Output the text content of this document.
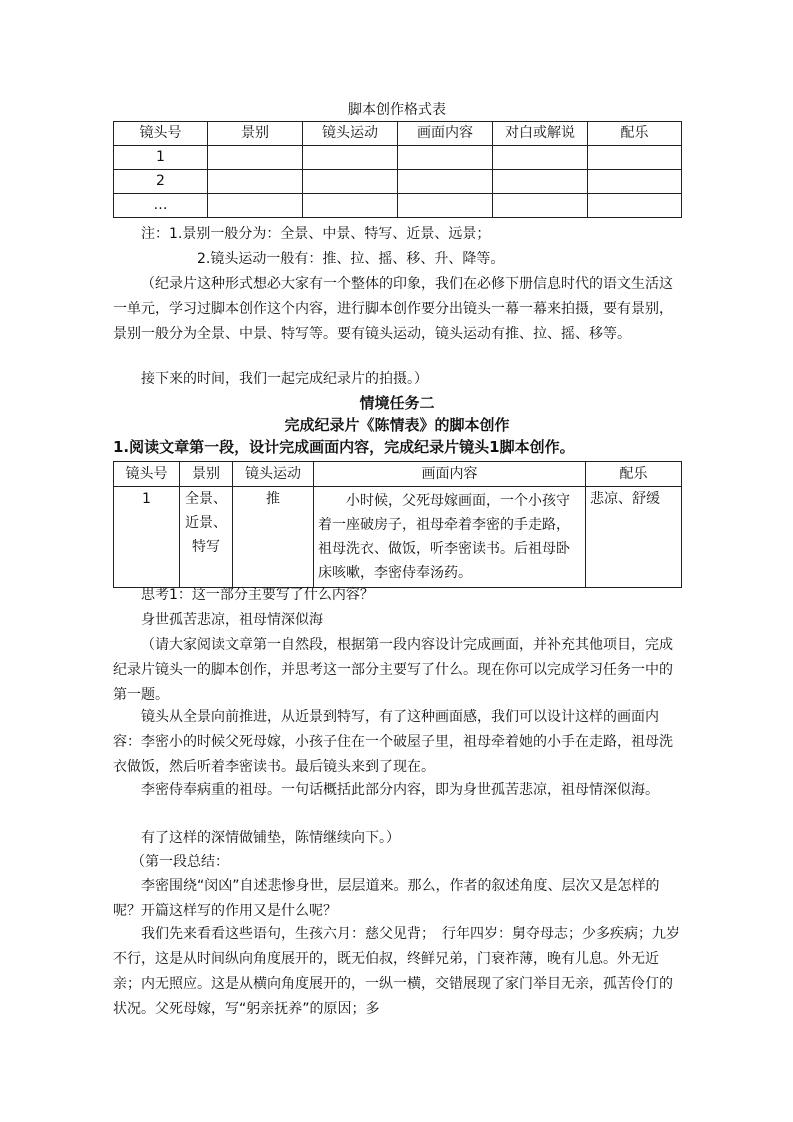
脚本创作格式表
镜头号	景别	镜头运动	画面内容	对白或解说	配乐
1					
2					
…					

注：1.景别一般分为：全景、中景、特写、近景、远景；

2.镜头运动一般有：推、拉、摇、移、升、降等。

（纪录片这种形式想必大家有一个整体的印象，我们在必修下册信息时代的语文生活这一单元，学习过脚本创作这个内容，进行脚本创作要分出镜头一幕一幕来拍摄，要有景别，景别一般分为全景、中景、特写等。要有镜头运动，镜头运动有推、拉、摇、移等。

接下来的时间，我们一起完成纪录片的拍摄。）

情境任务二
完成纪录片《陈情表》的脚本创作
1.阅读文章第一段，设计完成画面内容，完成纪录片镜头1脚本创作。
镜头号	景别	镜头运动	画面内容	配乐
1	全景、近景、特写	推	小时候，父死母嫁画面，一个小孩守着一座破房子，祖母牵着李密的手走路，祖母洗衣、做饭，听李密读书。后祖母卧床咳嗽，李密侍奉汤药。	悲凉、舒缓

思考1：这一部分主要写了什么内容？

身世孤苦悲凉，祖母情深似海

（请大家阅读文章第一自然段，根据第一段内容设计完成画面，并补充其他项目，完成纪录片镜头一的脚本创作，并思考这一部分主要写了什么。现在你可以完成学习任务一中的第一题。

镜头从全景向前推进，从近景到特写，有了这种画面感，我们可以设计这样的画面内容：李密小的时候父死母嫁，小孩子住在一个破屋子里，祖母牵着她的小手在走路，祖母洗衣做饭，然后听着李密读书。最后镜头来到了现在。

李密侍奉病重的祖母。一句话概括此部分内容，即为身世孤苦悲凉，祖母情深似海。

有了这样的深情做铺垫，陈情继续向下。）

（第一段总结：

李密围绕“闵凶”自述悲惨身世，层层道来。那么，作者的叙述角度、层次又是怎样的呢？开篇这样写的作用又是什么呢？

我们先来看看这些语句，生孩六月：慈父见背；　行年四岁：舅夺母志；少多疾病；九岁不行，这是从时间纵向角度展开的，既无伯叔，终鲜兄弟，门衰祚薄，晚有儿息。外无近亲；内无照应。这是从横向角度展开的，一纵一横，交错展现了家门举目无亲，孤苦伶仃的状况。父死母嫁，写“躬亲抚养”的原因；多
